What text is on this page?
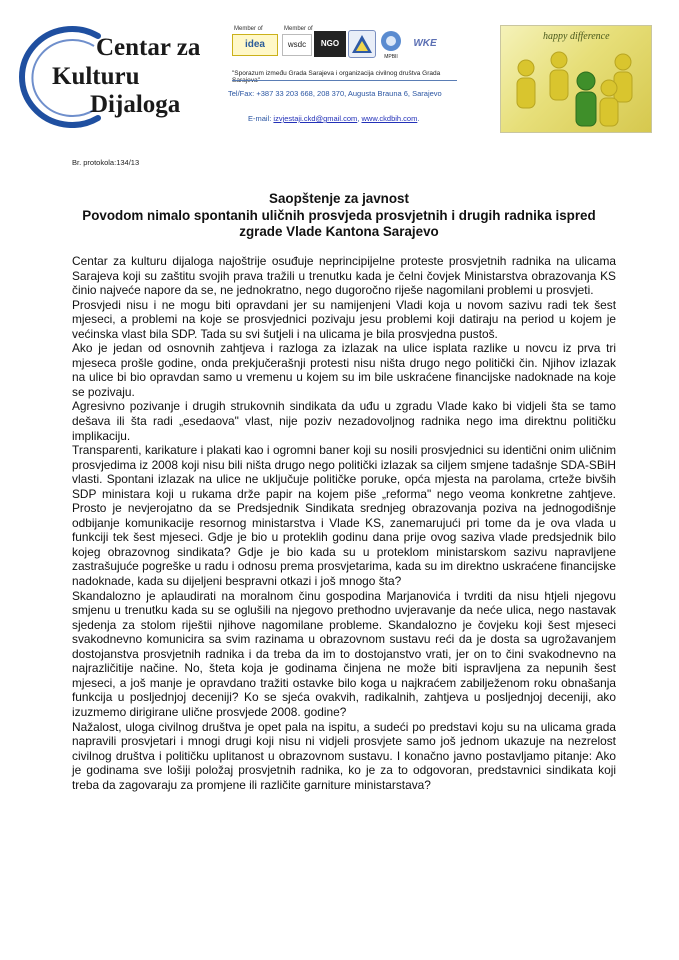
Centar za
Kulturu
Dijaloga
Member of	Member of
idea	wsdc	NGO
MPBII
WKE
"Sporazum između Grada Sarajeva i organizacija civilnog društva Grada
Tel/Fax: +387 33 203 668, 208 370, Augusta Brauna 6, Sarajevo
E-mail: izvjestaji.ckd@gmail.com, www.ckdbih.com.
happy difference
Br. protokola:134/13
Saopštenje za javnost
Povodom nimalo spontanih uličnih prosvjeda prosvjetnih i drugih radnika ispred
zgrade Vlade Kantona Sarajevo

Centar za kulturu dijaloga najoštrije osuđuje neprincipijelne proteste prosvjetnih radnika na ulicama Sarajeva koji su zaštitu svojih prava tražili u trenutku kada je čelni čovjek Ministarstva obrazovanja KS činio najveće napore da se, ne jednokratno, nego dugoročno riješe nagomilani problemi u prosvjeti.

Prosvjedi nisu i ne mogu biti opravdani jer su namijenjeni Vladi koja u novom sazivu radi tek šest mjeseci, a problemi na koje se prosvjednici pozivaju jesu problemi koji datiraju na period u kojem je većinska vlast bila SDP. Tada su svi šutjeli i na ulicama je bila prosvjedna pustoš.

Ako je jedan od osnovnih zahtjeva i razloga za izlazak na ulice isplata razlike u novcu iz prva tri mjeseca prošle godine, onda prekjučerašnji protesti nisu ništa drugo nego politički čin. Njihov izlazak na ulice bi bio opravdan samo u vremenu u kojem su im bile uskraćene financijske nadoknade na koje se pozivaju.

Agresivno pozivanje i drugih strukovnih sindikata da uđu u zgradu Vlade kako bi vidjeli šta se tamo dešava ili šta radi „esedaova" vlast, nije poziv nezadovoljnog radnika nego ima direktnu političku implikaciju.

Transparenti, karikature i plakati kao i ogromni baner koji su nosili prosvjednici su identični onim uličnim prosvjedima iz 2008 koji nisu bili ništa drugo nego politički izlazak sa ciljem smjene tadašnje SDA-SBiH vlasti. Spontani izlazak na ulice ne uključuje političke poruke, opća mjesta na parolama, crteže bivših SDP ministara koji u rukama drže papir na kojem piše „reforma" nego veoma konkretne zahtjeve. Prosto je nevjerojatno da se Predsjednik Sindikata srednjeg obrazovanja poziva na jednogodišnje odbijanje komunikacije resornog ministarstva i Vlade KS, zanemarujući pri tome da je ova vlada u funkciji tek šest mjeseci. Gdje je bio u proteklih godinu dana prije ovog saziva vlade predsjednik bilo kojeg obrazovnog sindikata? Gdje je bio kada su u proteklom ministarskom sazivu napravljene zastrašujuće pogreške u radu i odnosu prema prosvjetarima, kada su im direktno uskraćene financijske nadoknade, kada su dijeljeni bespravni otkazi i još mnogo šta?

Skandalozno je aplaudirati na moralnom činu gospodina Marjanovića i tvrditi da nisu htjeli njegovu smjenu u trenutku kada su se oglušili na njegovo prethodno uvjeravanje da neće ulica, nego nastavak sjedenja za stolom riještii njihove nagomilane probleme. Skandalozno je čovjeku koji šest mjeseci svakodnevno komunicira sa svim razinama u obrazovnom sustavu reći da je dosta sa ugrožavanjem dostojanstva prosvjetnih radnika i da treba da im to dostojanstvo vrati, jer on to čini svakodnevno na najrazličitije načine. No, šteta koja je godinama činjena ne može biti ispravljena za nepunih šest mjeseci, a još manje je opravdano tražiti ostavke bilo koga u najkraćem zabilježenom roku obnašanja funkcija u posljednjoj deceniji? Ko se sjeća ovakvih, radikalnih, zahtjeva u posljednjoj deceniji, ako izuzmemo dirigirane ulične prosvjede 2008. godine?

Nažalost, uloga civilnog društva je opet pala na ispitu, a sudeći po predstavi koju su na ulicama grada napravili prosvjetari i mnogi drugi koji nisu ni vidjeli prosvjete samo još jednom ukazuje na nezrelost civilnog društva i političku uplitanost u obrazovnom sustavu. I konačno javno postavljamo pitanje: Ako je godinama sve lošiji položaj prosvjetnih radnika, ko je za to odgovoran, predstavnici sindikata koji treba da zagovaraju za promjene ili različite garniture ministarstava?
